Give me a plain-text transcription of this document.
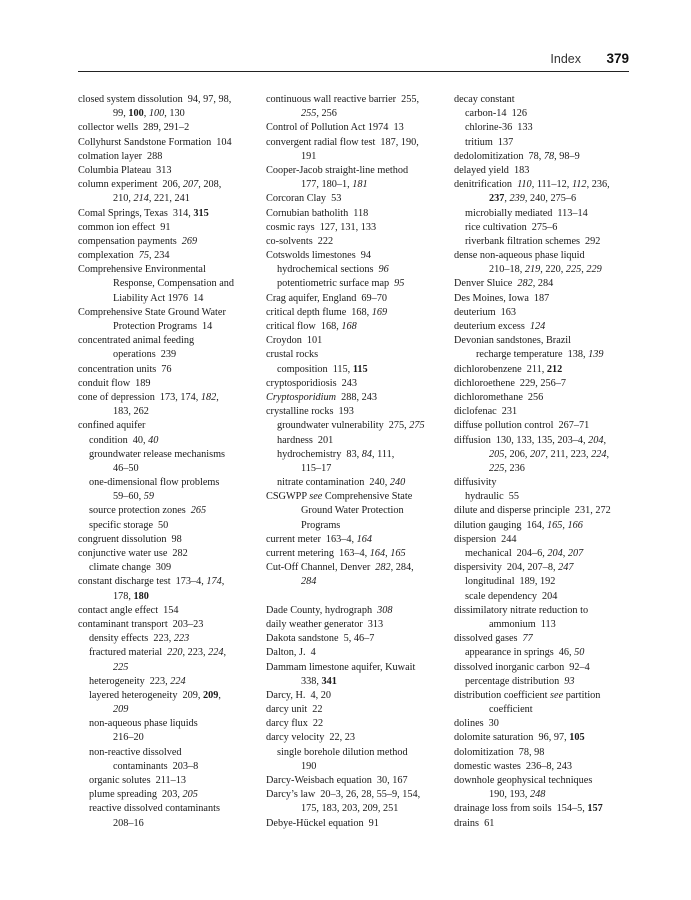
Index 379
closed system dissolution 94, 97, 98,
99, 100, 100, 130
collector wells 289, 291–2
Collyhurst Sandstone Formation 104
colmation layer 288
Columbia Plateau 313
column experiment 206, 207, 208,
210, 214, 221, 241
Comal Springs, Texas 314, 315
common ion effect 91
compensation payments 269
complexation 75, 234
Comprehensive Environmental
Response, Compensation and
Liability Act 1976 14
Comprehensive State Ground Water
Protection Programs 14
concentrated animal feeding
operations 239
concentration units 76
conduit flow 189
cone of depression 173, 174, 182,
183, 262
confined aquifer
condition 40, 40
groundwater release mechanisms
46–50
one-dimensional flow problems
59–60, 59
source protection zones 265
specific storage 50
congruent dissolution 98
conjunctive water use 282
climate change 309
constant discharge test 173–4, 174,
178, 180
contact angle effect 154
contaminant transport 203–23
density effects 223, 223
fractured material 220, 223, 224,
225
heterogeneity 223, 224
layered heterogeneity 209, 209,
209
non-aqueous phase liquids
216–20
non-reactive dissolved
contaminants 203–8
organic solutes 211–13
plume spreading 203, 205
reactive dissolved contaminants
208–16
continuous wall reactive barrier 255,
255, 256
Control of Pollution Act 1974 13
convergent radial flow test 187, 190,
191
Cooper-Jacob straight-line method
177, 180–1, 181
Corcoran Clay 53
Cornubian batholith 118
cosmic rays 127, 131, 133
co-solvents 222
Cotswolds limestones 94
hydrochemical sections 96
potentiometric surface map 95
Crag aquifer, England 69–70
critical depth flume 168, 169
critical flow 168, 168
Croydon 101
crustal rocks
composition 115, 115
cryptosporidiosis 243
Cryptosporidium 288, 243
crystalline rocks 193
groundwater vulnerability 275, 275
hardness 201
hydrochemistry 83, 84, 111,
115–17
nitrate contamination 240, 240
CSGWPP see Comprehensive State
Ground Water Protection
Programs
current meter 163–4, 164
current metering 163–4, 164, 165
Cut-Off Channel, Denver 282, 284,
284
Dade County, hydrograph 308
daily weather generator 313
Dakota sandstone 5, 46–7
Dalton, J. 4
Dammam limestone aquifer, Kuwait
338, 341
Darcy, H. 4, 20
darcy unit 22
darcy flux 22
darcy velocity 22, 23
single borehole dilution method
190
Darcy-Weisbach equation 30, 167
Darcy’s law 20–3, 26, 28, 55–9, 154,
175, 183, 203, 209, 251
Debye-Hückel equation 91
decay constant
carbon-14 126
chlorine-36 133
tritium 137
dedolomitization 78, 78, 98–9
delayed yield 183
denitrification 110, 111–12, 112, 236,
237, 239, 240, 275–6
microbially mediated 113–14
rice cultivation 275–6
riverbank filtration schemes 292
dense non-aqueous phase liquid
210–18, 219, 220, 225, 229
Denver Sluice 282, 284
Des Moines, Iowa 187
deuterium 163
deuterium excess 124
Devonian sandstones, Brazil
recharge temperature 138, 139
dichlorobenzene 211, 212
dichloroethene 229, 256–7
dichloromethane 256
diclofenac 231
diffuse pollution control 267–71
diffusion 130, 133, 135, 203–4, 204,
205, 206, 207, 211, 223, 224,
225, 236
diffusivity
hydraulic 55
dilute and disperse principle 231, 272
dilution gauging 164, 165, 166
dispersion 244
mechanical 204–6, 204, 207
dispersivity 204, 207–8, 247
longitudinal 189, 192
scale dependency 204
dissimilatory nitrate reduction to
ammonium 113
dissolved gases 77
appearance in springs 46, 50
dissolved inorganic carbon 92–4
percentage distribution 93
distribution coefficient see partition
coefficient
dolines 30
dolomite saturation 96, 97, 105
dolomitization 78, 98
domestic wastes 236–8, 243
downhole geophysical techniques
190, 193, 248
drainage loss from soils 154–5, 157
drains 61
